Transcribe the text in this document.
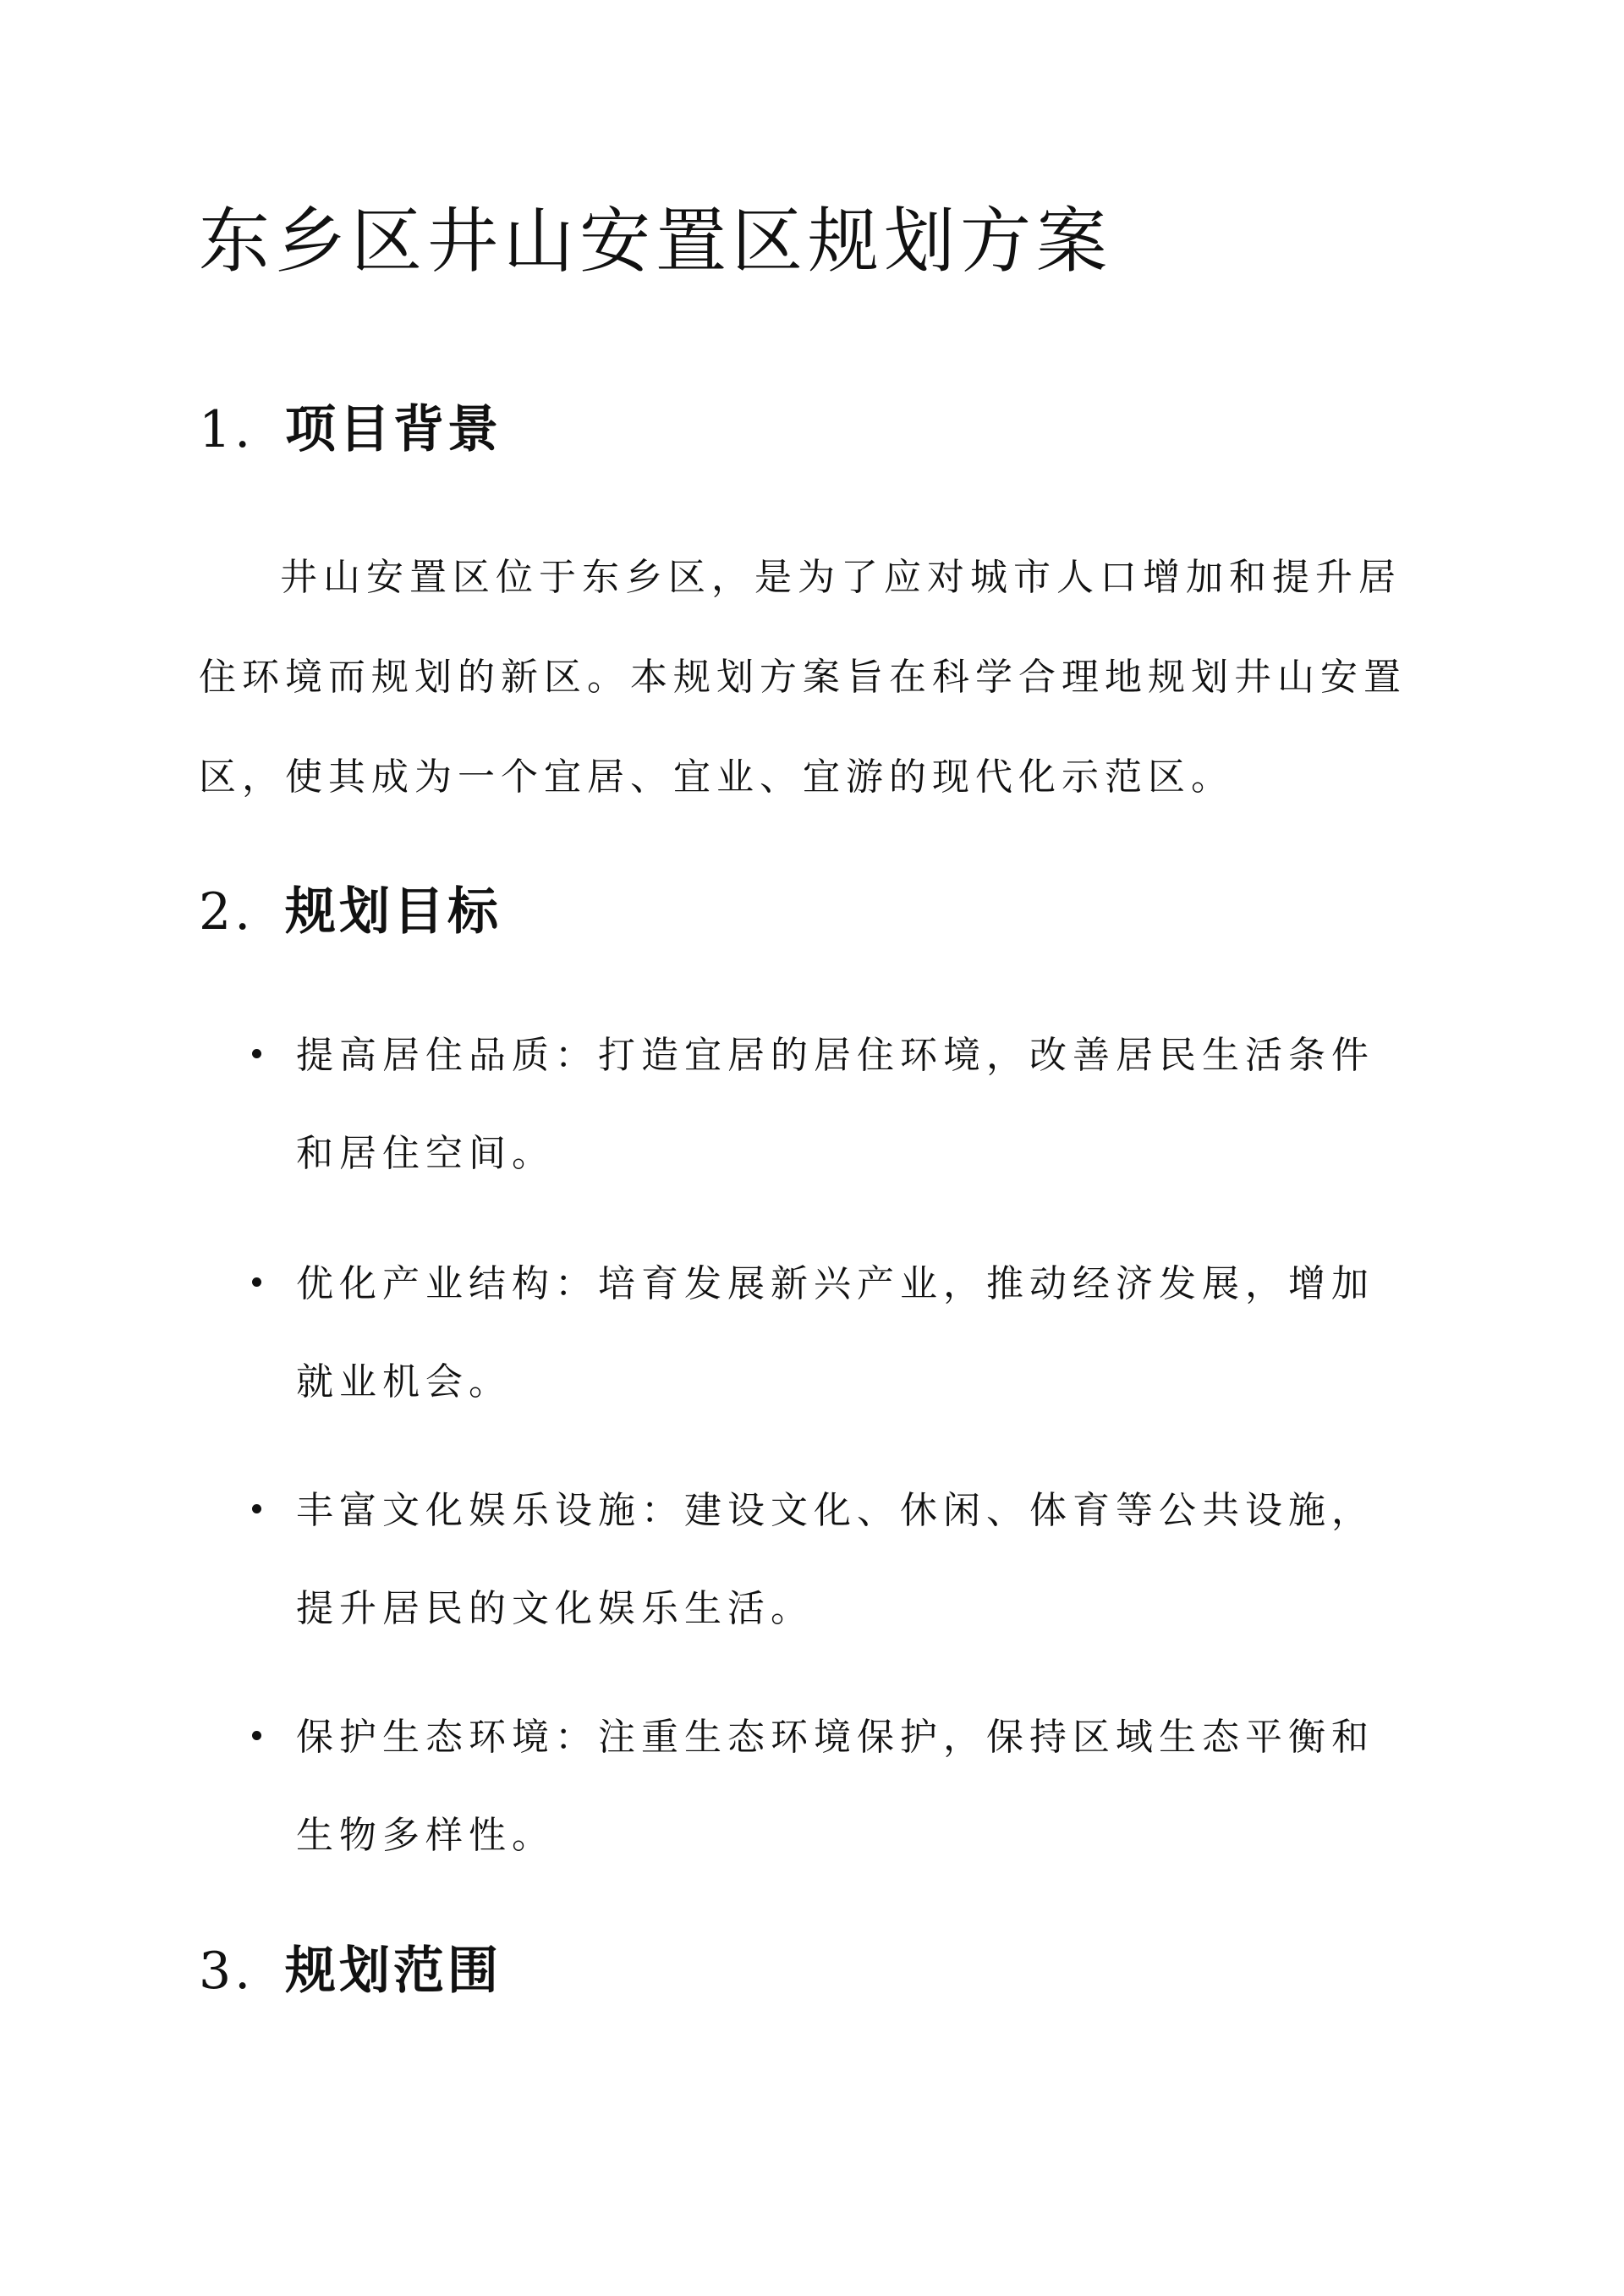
东乡区井山安置区规划方案
1. 项目背景

井山安置区位于东乡区，是为了应对城市人口增加和提升居住环境而规划的新区。本规划方案旨在科学合理地规划井山安置区，使其成为一个宜居、宜业、宜游的现代化示范区。

2. 规划目标
提高居住品质：打造宜居的居住环境，改善居民生活条件和居住空间。
优化产业结构：培育发展新兴产业，推动经济发展，增加就业机会。
丰富文化娱乐设施：建设文化、休闲、体育等公共设施，提升居民的文化娱乐生活。
保护生态环境：注重生态环境保护，保持区域生态平衡和生物多样性。
3. 规划范围
